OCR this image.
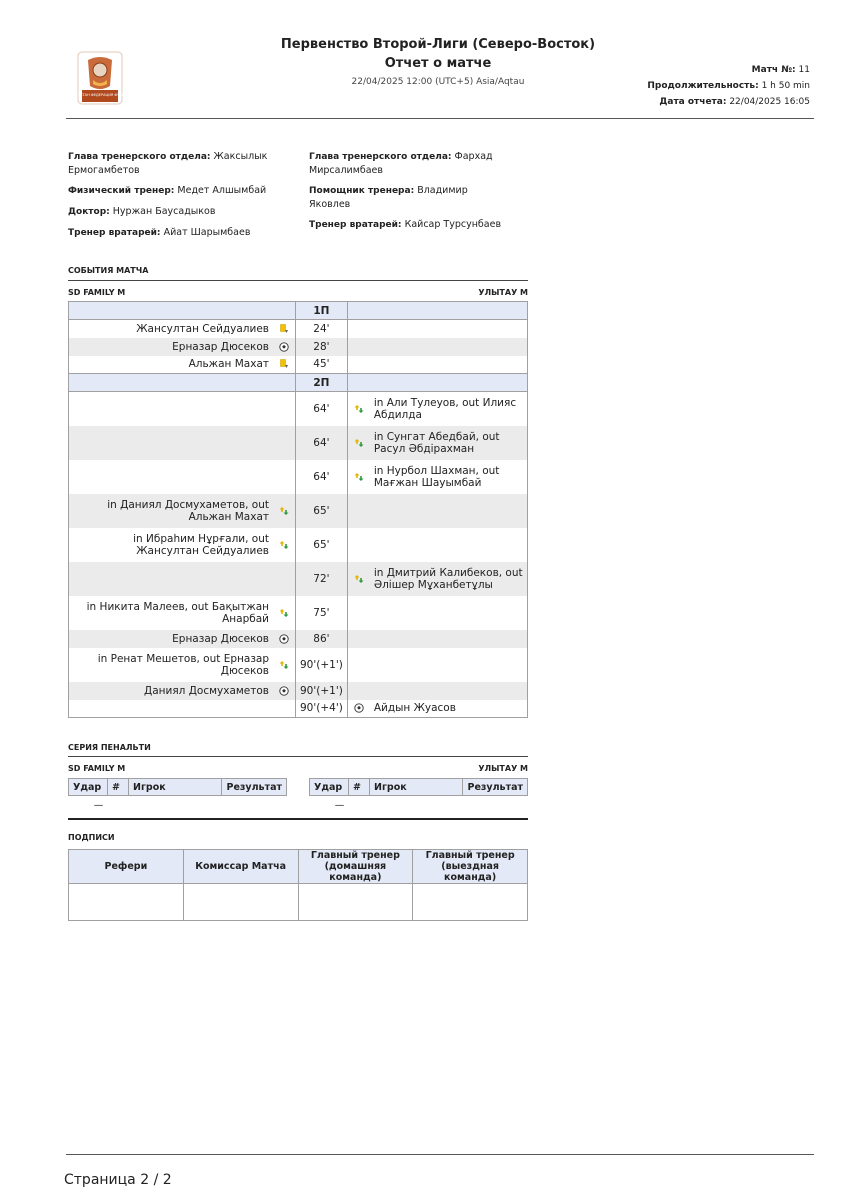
КАЗАХСТАН ФЕДЕРАЦИЯ ФУТБОЛА
Первенство Второй-Лиги (Северо-Восток)
Отчет о матче
22/04/2025 12:00 (UTC+5) Asia/Aqtau
Матч №: 11
Продолжительность: 1 h 50 min
Дата отчета: 22/04/2025 16:05
Глава тренерского отдела: Жаксылык Ермогамбетов
Физический тренер: Медет Алшымбай
Доктор: Нуржан Баусадыков
Тренер вратарей: Айат Шарымбаев
Глава тренерского отдела: Фархад Мирсалимбаев
Помощник тренера: Владимир Яковлев
Тренер вратарей: Кайсар Турсунбаев
СОБЫТИЯ МАТЧА
SD FAMILY M	УЛЫТАУ M
		1П		
Жансултан Сейдуалиев		24'		
Ерназар Дюсеков		28'		
Альжан Махат		45'		
		2П		
		64'		in Али Тулеуов, out Илияс Абдилда
		64'		in Сунгат Абедбай, out Расул Әбдірахман
		64'		in Нурбол Шахман, out Мағжан Шауымбай
in Даниял Досмухаметов, out Альжан Махат		65'		
in Ибраһим Нұрғали, out Жансултан Сейдуалиев		65'		
		72'		in Дмитрий Калибеков, out Әлішер Мұханбетұлы
in Никита Малеев, out Бақытжан Анарбай		75'		
Ерназар Дюсеков		86'		
in Ренат Мешетов, out Ерназар Дюсеков		90'(+1')		
Даниял Досмухаметов		90'(+1')		
		90'(+4')		Айдын Жуасов
СЕРИЯ ПЕНАЛЬТИ
SD FAMILY M	УЛЫТАУ M
Удар	#	Игрок	Результат
—			
Удар	#	Игрок	Результат
—			
ПОДПИСИ
Рефери	Комиссар Матча	Главный тренер (домашняя команда)	Главный тренер (выездная команда)

Страница 2 / 2
